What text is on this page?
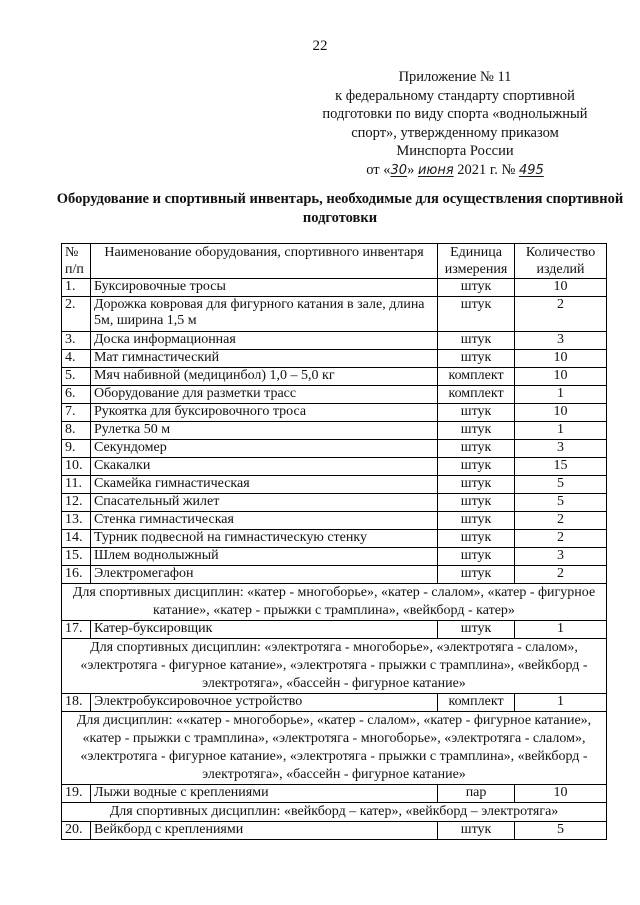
22
Приложение № 11
к федеральному стандарту спортивной
подготовки по виду спорта «воднолыжный
спорт», утвержденному приказом
Минспорта России
от «30» июня 2021 г. № 495
Оборудование и спортивный инвентарь, необходимые для осуществления спортивной подготовки
№ п/п	Наименование оборудования, спортивного инвентаря	Единица измерения	Количество изделий
1.	Буксировочные тросы	штук	10
2.	Дорожка ковровая для фигурного катания в зале, длина 5м, ширина 1,5 м	штук	2
3.	Доска информационная	штук	3
4.	Мат гимнастический	штук	10
5.	Мяч набивной (медицинбол) 1,0 – 5,0 кг	комплект	10
6.	Оборудование для разметки трасс	комплект	1
7.	Рукоятка для буксировочного троса	штук	10
8.	Рулетка 50 м	штук	1
9.	Секундомер	штук	3
10.	Скакалки	штук	15
11.	Скамейка гимнастическая	штук	5
12.	Спасательный жилет	штук	5
13.	Стенка гимнастическая	штук	2
14.	Турник подвесной на гимнастическую стенку	штук	2
15.	Шлем воднолыжный	штук	3
16.	Электромегафон	штук	2
Для спортивных дисциплин: «катер - многоборье», «катер - слалом», «катер - фигурное катание», «катер - прыжки с трамплина», «вейкборд - катер»			
17.	Катер-буксировщик	штук	1
Для спортивных дисциплин: «электротяга - многоборье», «электротяга - слалом», «электротяга - фигурное катание», «электротяга - прыжки с трамплина», «вейкборд - электротяга», «бассейн - фигурное катание»			
18.	Электробуксировочное устройство	комплект	1
Для дисциплин: ««катер - многоборье», «катер - слалом», «катер - фигурное катание», «катер - прыжки с трамплина», «электротяга - многоборье», «электротяга - слалом», «электротяга - фигурное катание», «электротяга - прыжки с трамплина», «вейкборд - электротяга», «бассейн - фигурное катание»			
19.	Лыжи водные с креплениями	пар	10
Для спортивных дисциплин: «вейкборд – катер», «вейкборд – электротяга»			
20.	Вейкборд с креплениями	штук	5
